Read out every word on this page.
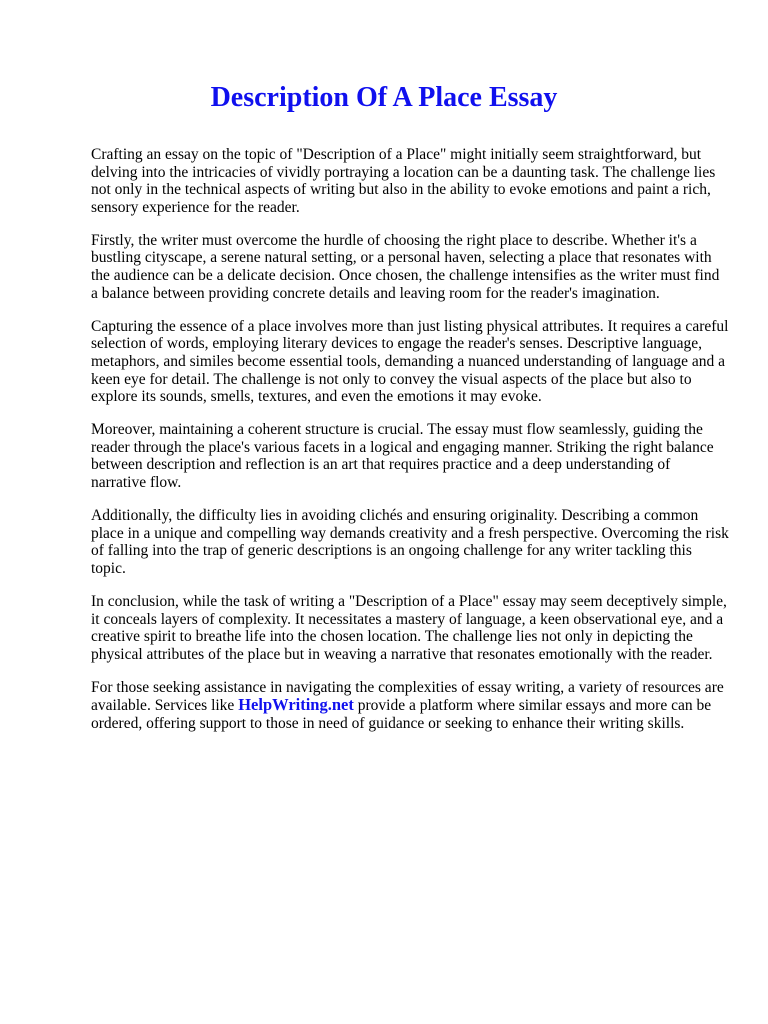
Description Of A Place Essay

Crafting an essay on the topic of "Description of a Place" might initially seem straightforward, but delving into the intricacies of vividly portraying a location can be a daunting task. The challenge lies not only in the technical aspects of writing but also in the ability to evoke emotions and paint a rich, sensory experience for the reader.

Firstly, the writer must overcome the hurdle of choosing the right place to describe. Whether it's a bustling cityscape, a serene natural setting, or a personal haven, selecting a place that resonates with the audience can be a delicate decision. Once chosen, the challenge intensifies as the writer must find a balance between providing concrete details and leaving room for the reader's imagination.

Capturing the essence of a place involves more than just listing physical attributes. It requires a careful selection of words, employing literary devices to engage the reader's senses. Descriptive language, metaphors, and similes become essential tools, demanding a nuanced understanding of language and a keen eye for detail. The challenge is not only to convey the visual aspects of the place but also to explore its sounds, smells, textures, and even the emotions it may evoke.

Moreover, maintaining a coherent structure is crucial. The essay must flow seamlessly, guiding the reader through the place's various facets in a logical and engaging manner. Striking the right balance between description and reflection is an art that requires practice and a deep understanding of narrative flow.

Additionally, the difficulty lies in avoiding clichés and ensuring originality. Describing a common place in a unique and compelling way demands creativity and a fresh perspective. Overcoming the risk of falling into the trap of generic descriptions is an ongoing challenge for any writer tackling this topic.

In conclusion, while the task of writing a "Description of a Place" essay may seem deceptively simple, it conceals layers of complexity. It necessitates a mastery of language, a keen observational eye, and a creative spirit to breathe life into the chosen location. The challenge lies not only in depicting the physical attributes of the place but in weaving a narrative that resonates emotionally with the reader.

For those seeking assistance in navigating the complexities of essay writing, a variety of resources are available. Services like HelpWriting.net provide a platform where similar essays and more can be ordered, offering support to those in need of guidance or seeking to enhance their writing skills.
